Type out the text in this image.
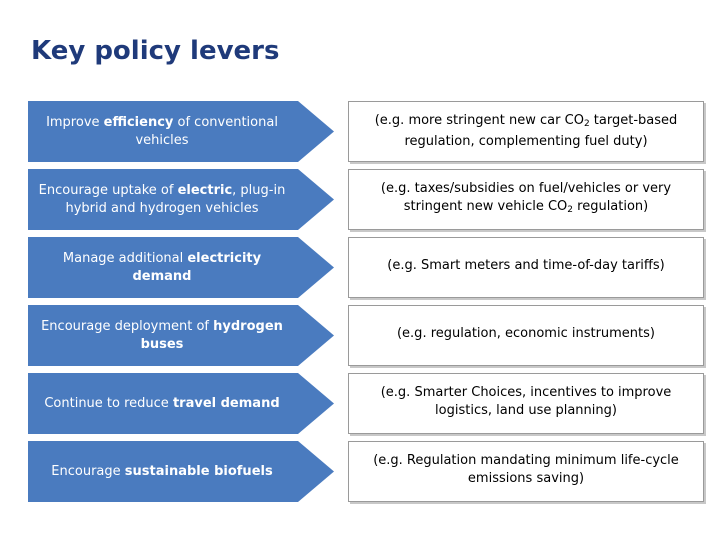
Key policy levers
Improve efficiency of conventional vehicles
(e.g. more stringent new car $CO_2$ target-based regulation, complementing fuel duty)
Encourage uptake of electric, plug-in hybrid and hydrogen vehicles
(e.g. taxes/subsidies on fuel/vehicles or very stringent new vehicle $CO_2$ regulation)
Manage additional electricity demand
(e.g. Smart meters and time-of-day tariffs)
Encourage deployment of hydrogen buses
(e.g. regulation, economic instruments)
Continue to reduce travel demand
(e.g. Smarter Choices, incentives to improve logistics, land use planning)
Encourage sustainable biofuels
(e.g. Regulation mandating minimum life-cycle emissions saving)
